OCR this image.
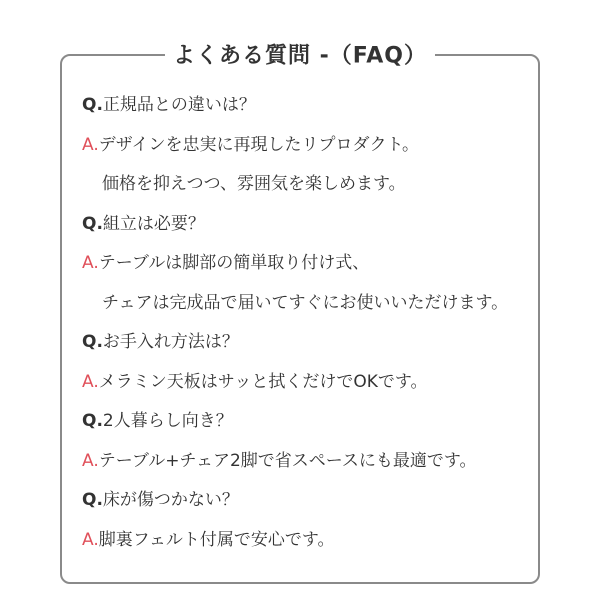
よくある質問 -（FAQ）
Q.正規品との違いは？
A.デザインを忠実に再現したリプロダクト。
価格を抑えつつ、雰囲気を楽しめます。
Q.組立は必要？
A.テーブルは脚部の簡単取り付け式、
チェアは完成品で届いてすぐにお使いいただけます。
Q.お手入れ方法は？
A.メラミン天板はサッと拭くだけでOKです。
Q.2人暮らし向き？
A.テーブル+チェア2脚で省スペースにも最適です。
Q.床が傷つかない？
A.脚裏フェルト付属で安心です。
